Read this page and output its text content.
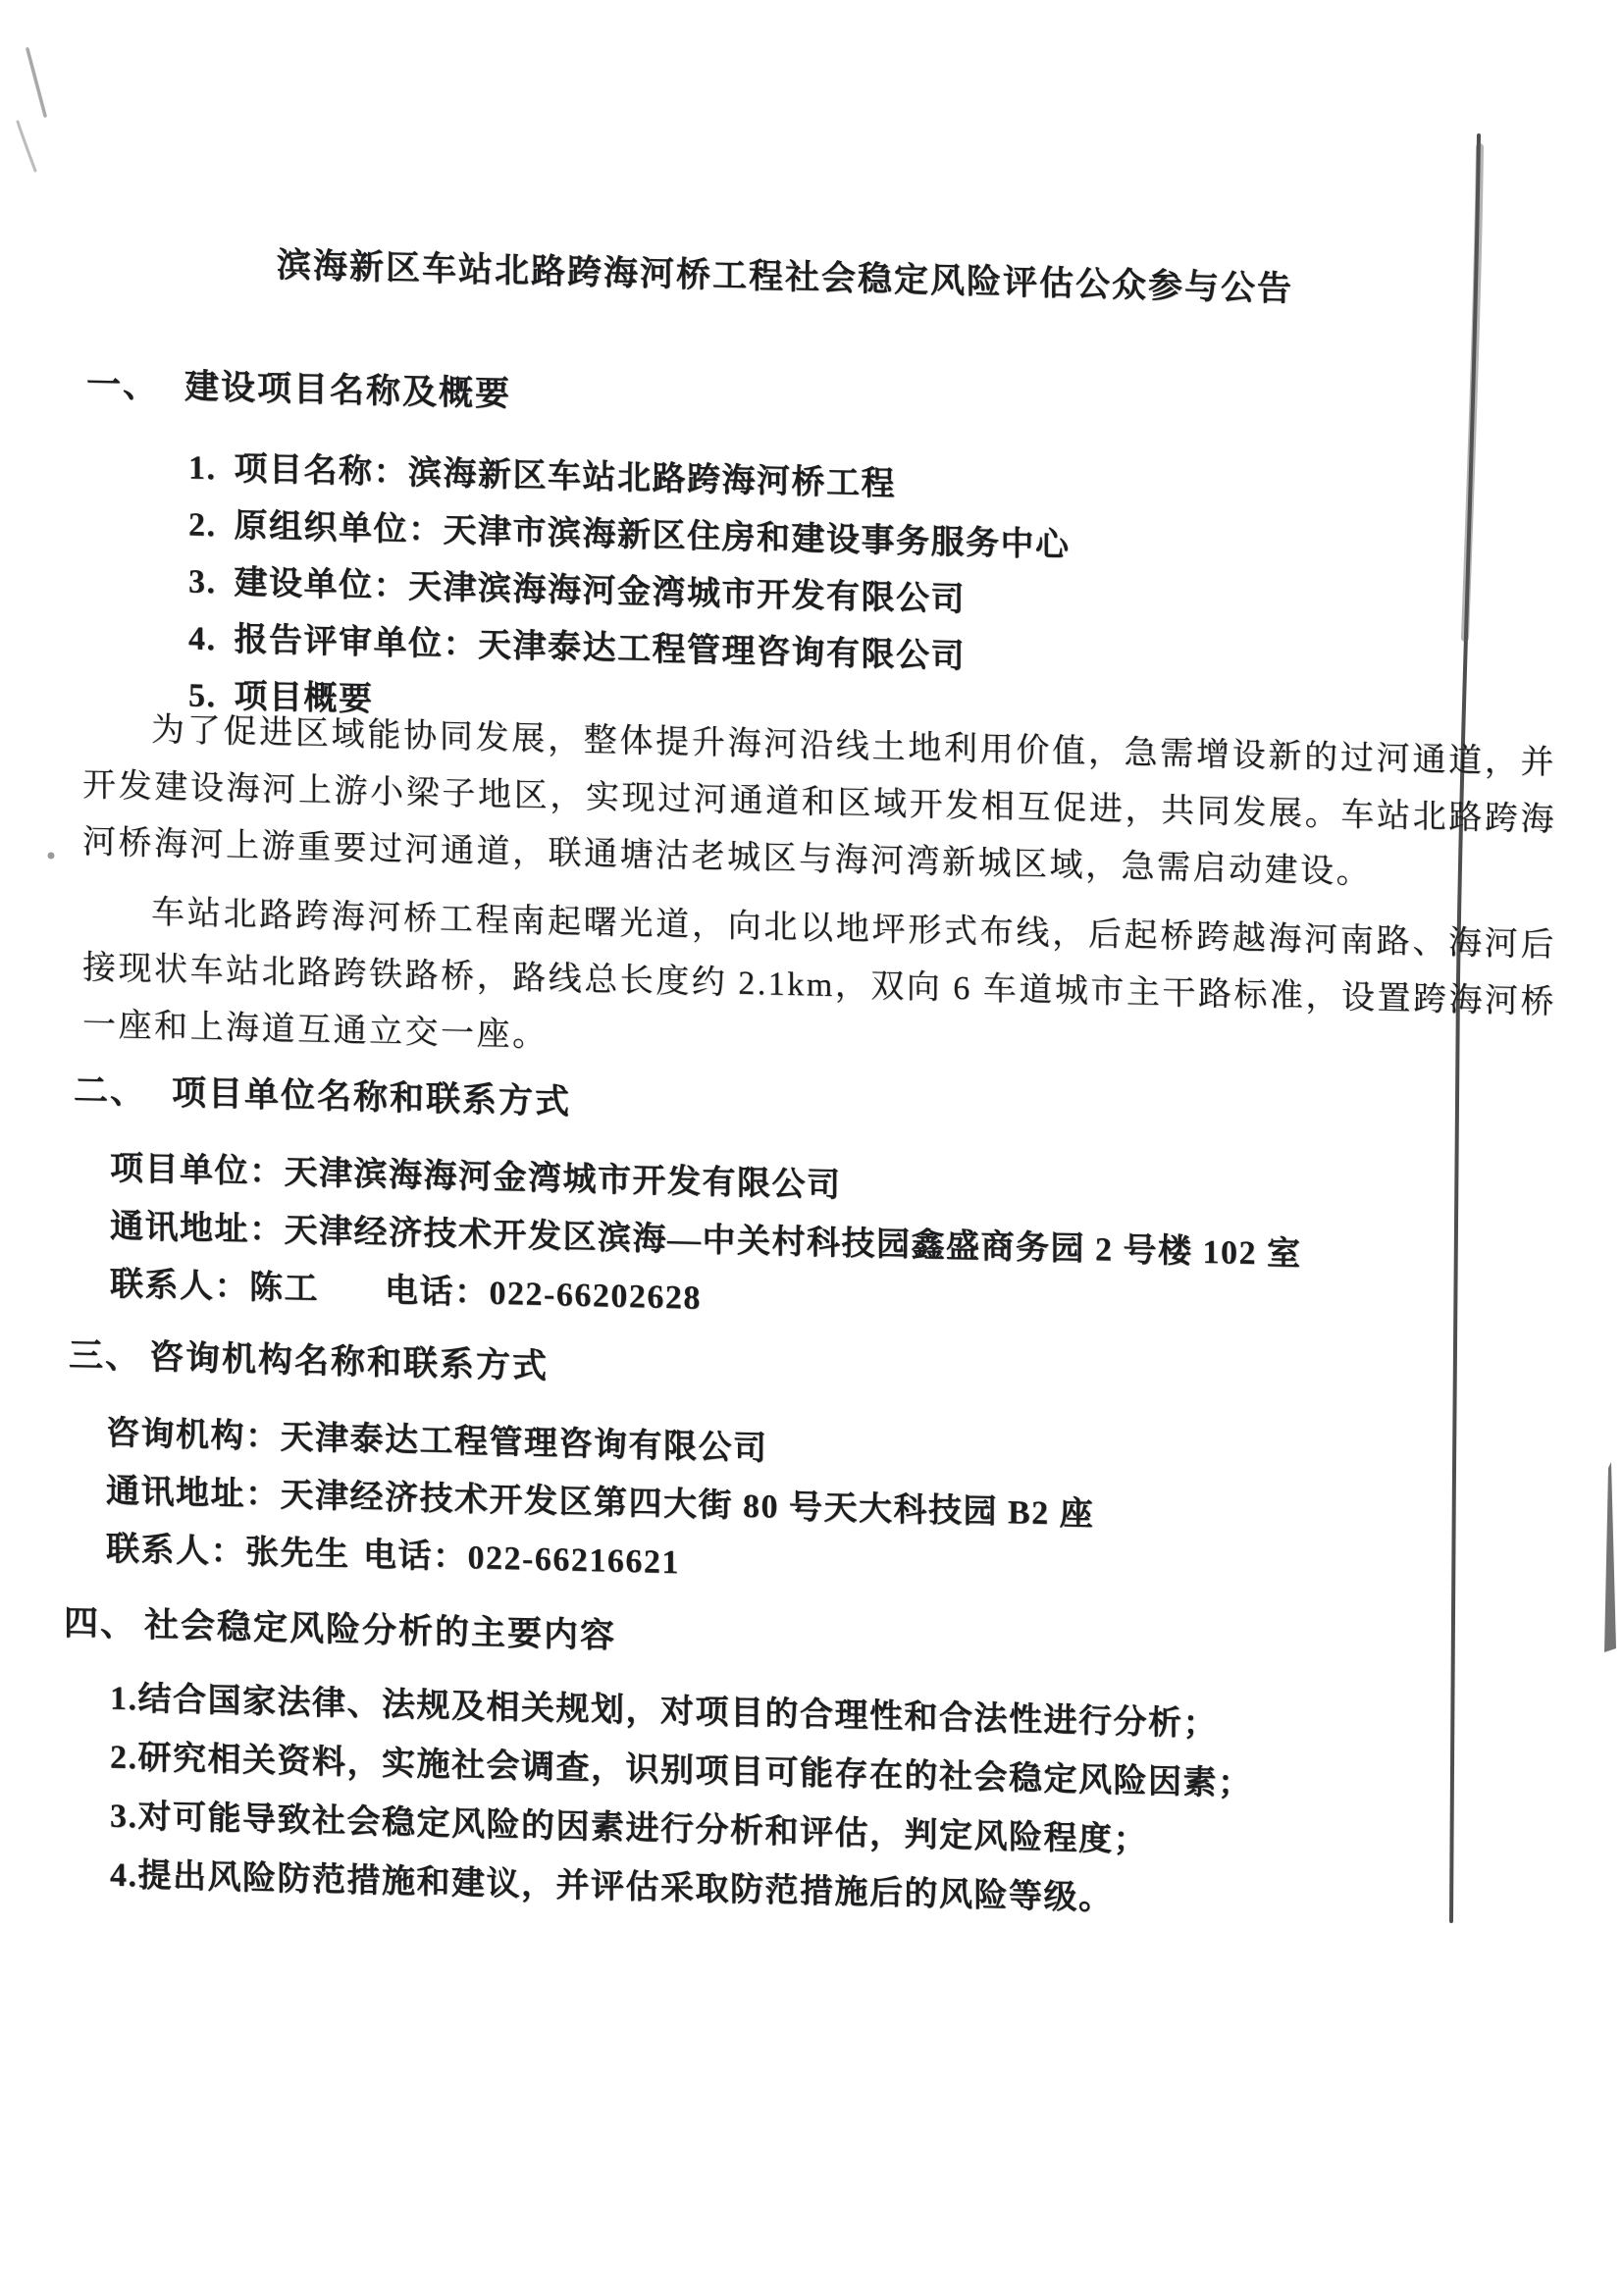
滨海新区车站北路跨海河桥工程社会稳定风险评估公众参与公告
一、 建设项目名称及概要
1. 项目名称：滨海新区车站北路跨海河桥工程
2. 原组织单位：天津市滨海新区住房和建设事务服务中心
3. 建设单位：天津滨海海河金湾城市开发有限公司
4. 报告评审单位：天津泰达工程管理咨询有限公司
5. 项目概要
为了促进区域能协同发展，整体提升海河沿线土地利用价值，急需增设新的过河通道，并开发建设海河上游小梁子地区，实现过河通道和区域开发相互促进，共同发展。车站北路跨海河桥海河上游重要过河通道，联通塘沽老城区与海河湾新城区域，急需启动建设。
车站北路跨海河桥工程南起曙光道，向北以地坪形式布线，后起桥跨越海河南路、海河后接现状车站北路跨铁路桥，路线总长度约 2.1km，双向 6 车道城市主干路标准，设置跨海河桥一座和上海道互通立交一座。
二、 项目单位名称和联系方式
项目单位：天津滨海海河金湾城市开发有限公司
通讯地址：天津经济技术开发区滨海—中关村科技园鑫盛商务园 2 号楼 102 室
联系人：陈工 电话：022-66202628
三、 咨询机构名称和联系方式
咨询机构：天津泰达工程管理咨询有限公司
通讯地址：天津经济技术开发区第四大街 80 号天大科技园 B2 座
联系人：张先生 电话：022-66216621
四、 社会稳定风险分析的主要内容
1.结合国家法律、法规及相关规划，对项目的合理性和合法性进行分析；
2.研究相关资料，实施社会调查，识别项目可能存在的社会稳定风险因素；
3.对可能导致社会稳定风险的因素进行分析和评估，判定风险程度；
4.提出风险防范措施和建议，并评估采取防范措施后的风险等级。
